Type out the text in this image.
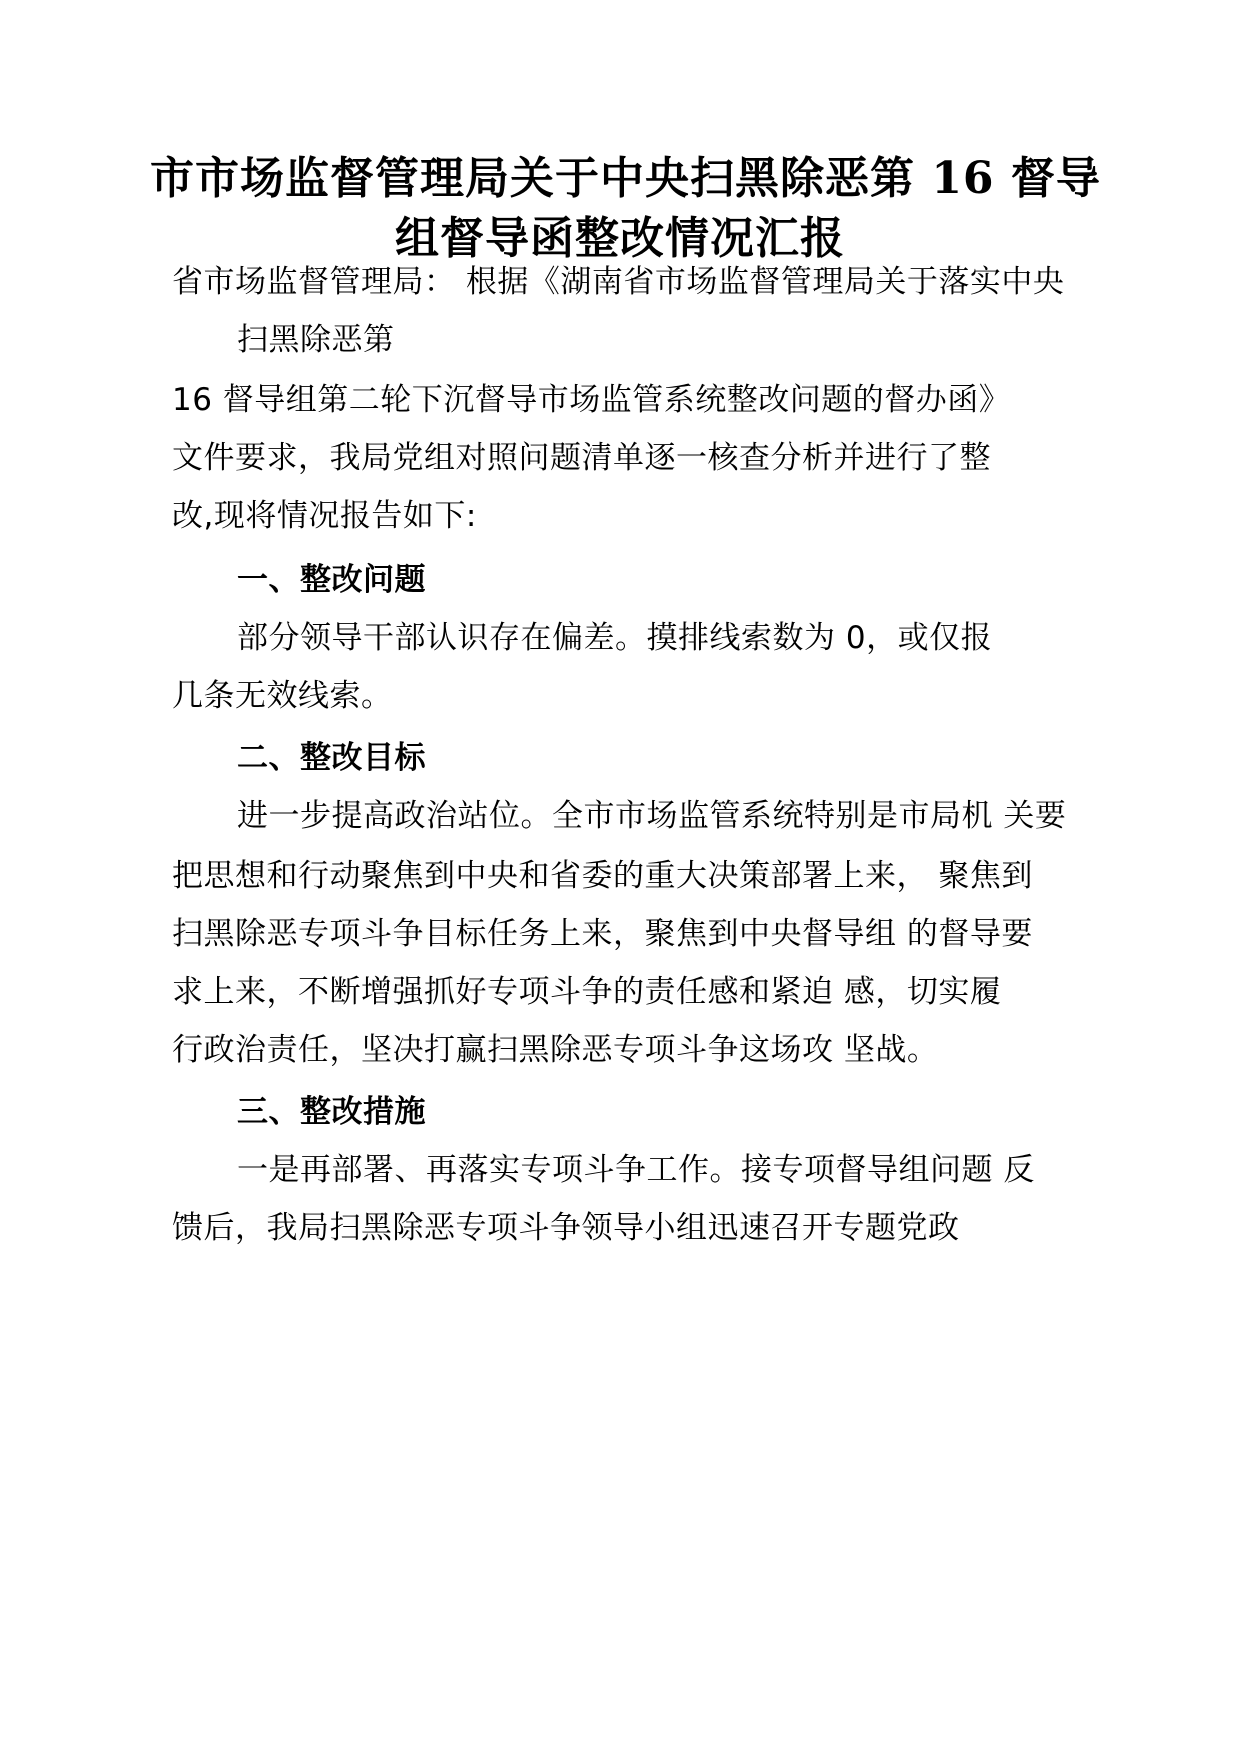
市市场监督管理局关于中央扫黑除恶第 16 督导
组督导函整改情况汇报
省市场监督管理局： 根据《湖南省市场监督管理局关于落实中央
扫黑除恶第
16 督导组第二轮下沉督导市场监管系统整改问题的督办函》
文件要求，我局党组对照问题清单逐一核查分析并进行了整
改,现将情况报告如下:
一、整改问题
部分领导干部认识存在偏差。摸排线索数为 0，或仅报
几条无效线索。
二、整改目标
进一步提高政治站位。全市市场监管系统特别是市局机 关要
把思想和行动聚焦到中央和省委的重大决策部署上来， 聚焦到
扫黑除恶专项斗争目标任务上来，聚焦到中央督导组 的督导要
求上来，不断增强抓好专项斗争的责任感和紧迫 感，切实履
行政治责任，坚决打赢扫黑除恶专项斗争这场攻 坚战。
三、整改措施
一是再部署、再落实专项斗争工作。接专项督导组问题 反
馈后，我局扫黑除恶专项斗争领导小组迅速召开专题党政
